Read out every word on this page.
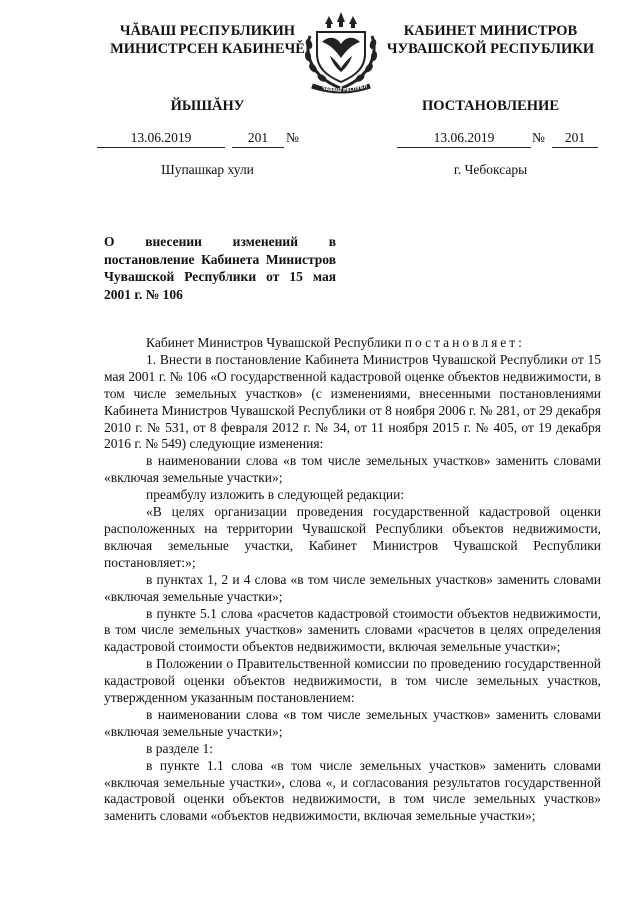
ЧĂВАШ РЕСПУБЛИКИН
МИНИСТРСЕН КАБИНЕЧĚ
КАБИНЕТ МИНИСТРОВ
ЧУВАШСКОЙ РЕСПУБЛИКИ
ЧĂВАШ РЕСПУБЛ
ЙЫШĂНУ	ПОСТАНОВЛЕНИЕ
13.06.2019	201	№	13.06.2019	№	201
Шупашкар хули	г. Чебоксары
О внесении изменений в постановление Кабинета Министров Чувашской Республики от 15 мая 2001 г. № 106

Кабинет Министров Чувашской Республики постановляет:

1. Внести в постановление Кабинета Министров Чувашской Республики от 15 мая 2001 г. № 106 «О государственной кадастровой оценке объектов недвижимости, в том числе земельных участков» (с изменениями, внесенными постановлениями Кабинета Министров Чувашской Республики от 8 ноября 2006 г. № 281, от 29 декабря 2010 г. № 531, от 8 февраля 2012 г. № 34, от 11 ноября 2015 г. № 405, от 19 декабря 2016 г. № 549) следующие изменения:

в наименовании слова «в том числе земельных участков» заменить словами «включая земельные участки»;

преамбулу изложить в следующей редакции:

«В целях организации проведения государственной кадастровой оценки расположенных на территории Чувашской Республики объектов недвижимости, включая земельные участки, Кабинет Министров Чувашской Республики постановляет:»;

в пунктах 1, 2 и 4 слова «в том числе земельных участков» заменить словами «включая земельные участки»;

в пункте 5.1 слова «расчетов кадастровой стоимости объектов недвижимости, в том числе земельных участков» заменить словами «расчетов в целях определения кадастровой стоимости объектов недвижимости, включая земельные участки»;

в Положении о Правительственной комиссии по проведению государственной кадастровой оценки объектов недвижимости, в том числе земельных участков, утвержденном указанным постановлением:

в наименовании слова «в том числе земельных участков» заменить словами «включая земельные участки»;

в разделе 1:

в пункте 1.1 слова «в том числе земельных участков» заменить словами «включая земельные участки», слова «, и согласования результатов государственной кадастровой оценки объектов недвижимости, в том числе земельных участков» заменить словами «объектов недвижимости, включая земельные участки»;
